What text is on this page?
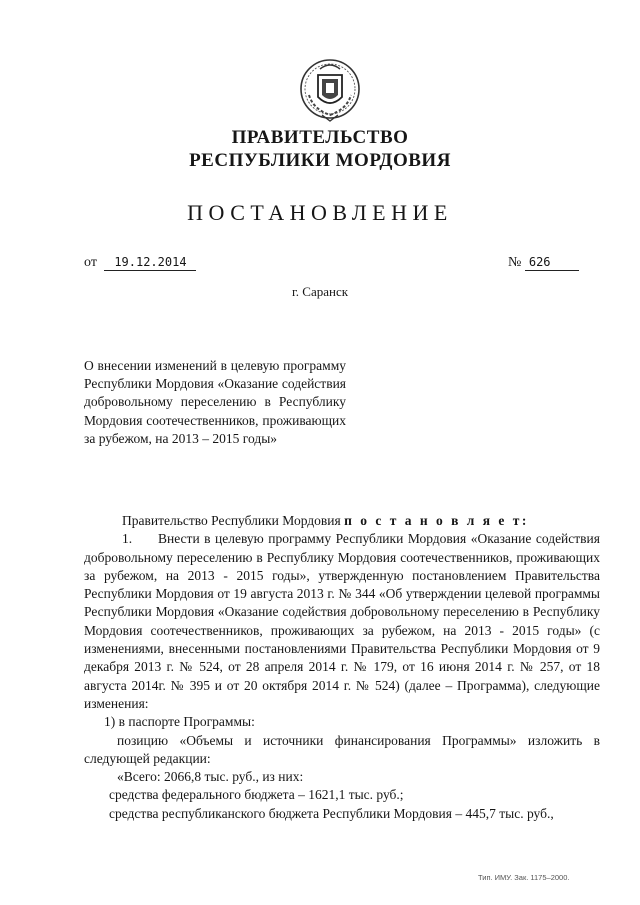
ПРАВИТЕЛЬСТВО
РЕСПУБЛИКИ МОРДОВИЯ
ПОСТАНОВЛЕНИЕ
от 19.12.2014	№ 626
г. Саранск
О внесении изменений в целевую программу Республики Мордовия «Оказание содействия добровольному переселению в Республику Мордовия соотечественников, проживающих за рубежом, на 2013 – 2015 годы»

Правительство Республики Мордовия п о с т а н о в л я е т:

1. Внести в целевую программу Республики Мордовия «Оказание содействия добровольному переселению в Республику Мордовия соотечественников, проживающих за рубежом, на 2013 - 2015 годы», утвержденную постановлением Правительства Республики Мордовия от 19 августа 2013 г. № 344 «Об утверждении целевой программы Республики Мордовия «Оказание содействия добровольному переселению в Республику Мордовия соотечественников, проживающих за рубежом, на 2013 - 2015 годы» (с изменениями, внесенными постановлениями Правительства Республики Мордовия от 9 декабря 2013 г. № 524, от 28 апреля 2014 г. № 179, от 16 июня 2014 г. № 257, от 18 августа 2014г. № 395 и от 20 октября 2014 г. № 524) (далее – Программа), следующие изменения:

1) в паспорте Программы:

позицию «Объемы и источники финансирования Программы» изложить в следующей редакции:

«Всего: 2066,8 тыс. руб., из них:

средства федерального бюджета – 1621,1 тыс. руб.;

средства республиканского бюджета Республики Мордовия – 445,7 тыс. руб.,

Тип. ИМУ. Зак. 1175–2000.
